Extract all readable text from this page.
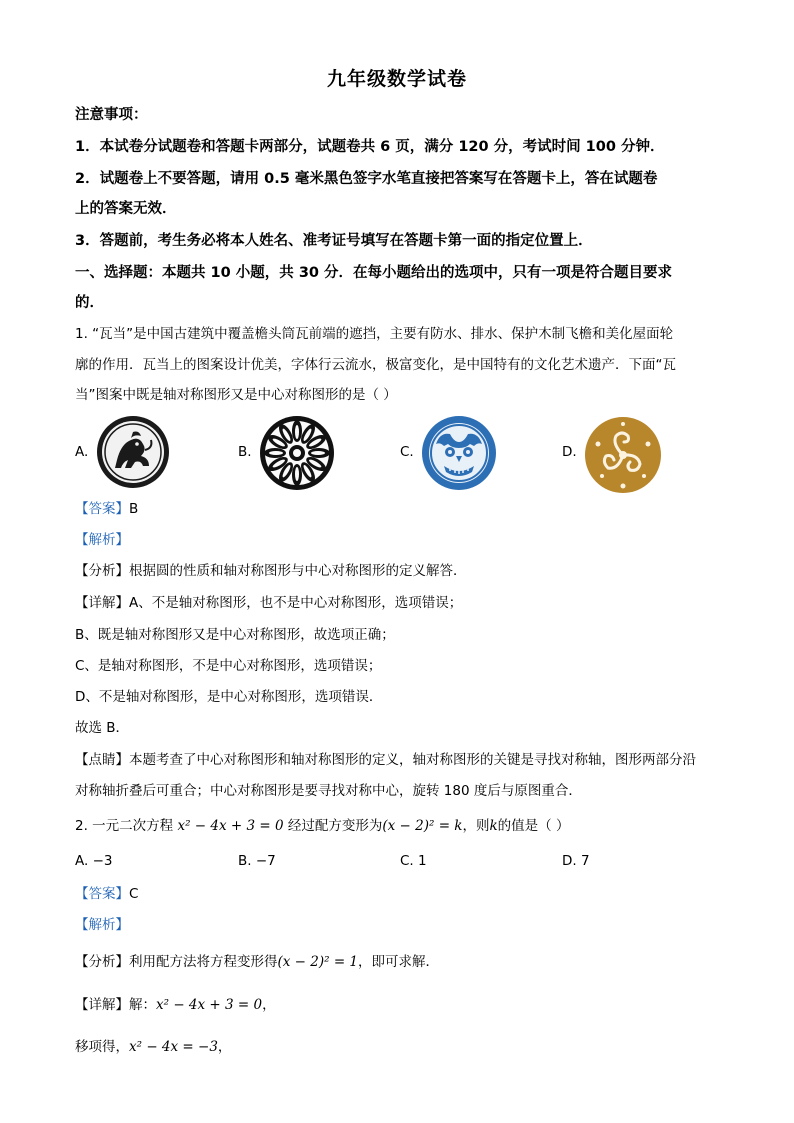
九年级数学试卷
注意事项：
1．本试卷分试题卷和答题卡两部分，试题卷共 6 页，满分 120 分，考试时间 100 分钟．
2．试题卷上不要答题，请用 0.5 毫米黑色签字水笔直接把答案写在答题卡上，答在试题卷
上的答案无效．
3．答题前，考生务必将本人姓名、准考证号填写在答题卡第一面的指定位置上．
一、选择题：本题共 10 小题，共 30 分．在每小题给出的选项中，只有一项是符合题目要求
的．
1. “瓦当”是中国古建筑中覆盖檐头筒瓦前端的遮挡，主要有防水、排水、保护木制飞檐和美化屋面轮
廓的作用．瓦当上的图案设计优美，字体行云流水，极富变化，是中国特有的文化艺术遗产．下面“瓦
当”图案中既是轴对称图形又是中心对称图形的是（ ）
A.	B.	C.	D.
【答案】B
【解析】
【分析】根据圆的性质和轴对称图形与中心对称图形的定义解答．
【详解】A、不是轴对称图形，也不是中心对称图形，选项错误；
B、既是轴对称图形又是中心对称图形，故选项正确；
C、是轴对称图形，不是中心对称图形，选项错误；
D、不是轴对称图形，是中心对称图形，选项错误．
故选 B．
【点睛】本题考查了中心对称图形和轴对称图形的定义，轴对称图形的关键是寻找对称轴，图形两部分沿
对称轴折叠后可重合；中心对称图形是要寻找对称中心，旋转 180 度后与原图重合．
2. 一元二次方程 x² − 4x + 3 = 0 经过配方变形为(x − 2)² = k，则k的值是（ ）
A. −3	B. −7	C. 1	D. 7
【答案】C
【解析】
【分析】利用配方法将方程变形得(x − 2)² = 1，即可求解．
【详解】解：x² − 4x + 3 = 0，
移项得，x² − 4x = −3，
